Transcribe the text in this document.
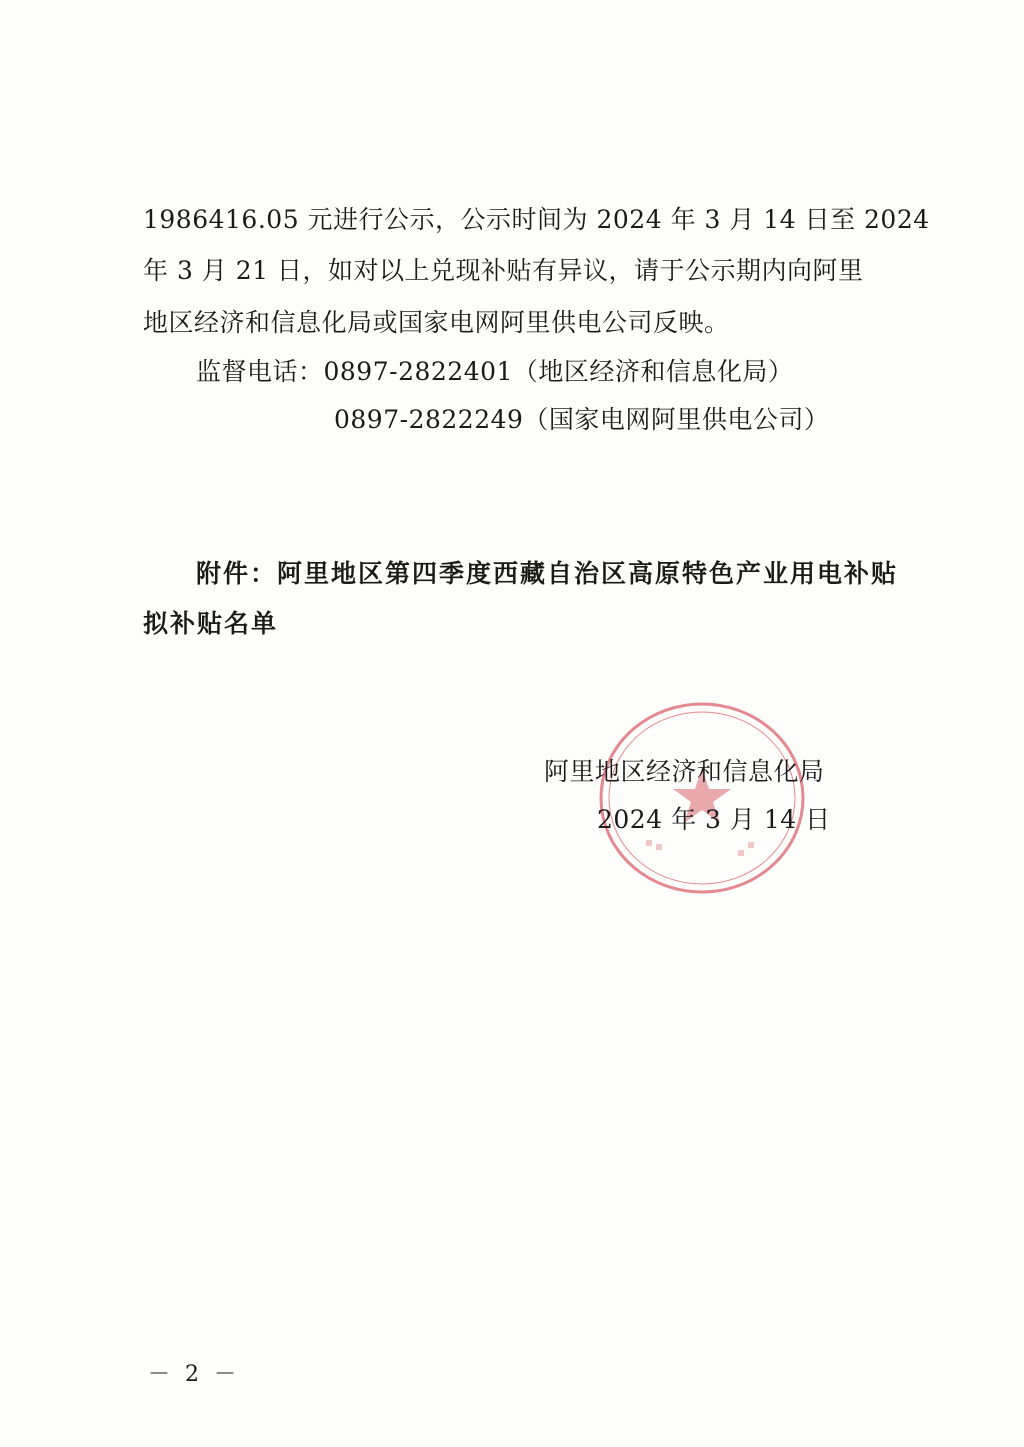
1986416.05 元进行公示，公示时间为 2024 年 3 月 14 日至 2024
年 3 月 21 日，如对以上兑现补贴有异议，请于公示期内向阿里
地区经济和信息化局或国家电网阿里供电公司反映。
监督电话：0897-2822401（地区经济和信息化局）
0897-2822249（国家电网阿里供电公司）
附件：阿里地区第四季度西藏自治区高原特色产业用电补贴
拟补贴名单
阿里地区经济和信息化局
2024 年 3 月 14 日
－ 2 －
